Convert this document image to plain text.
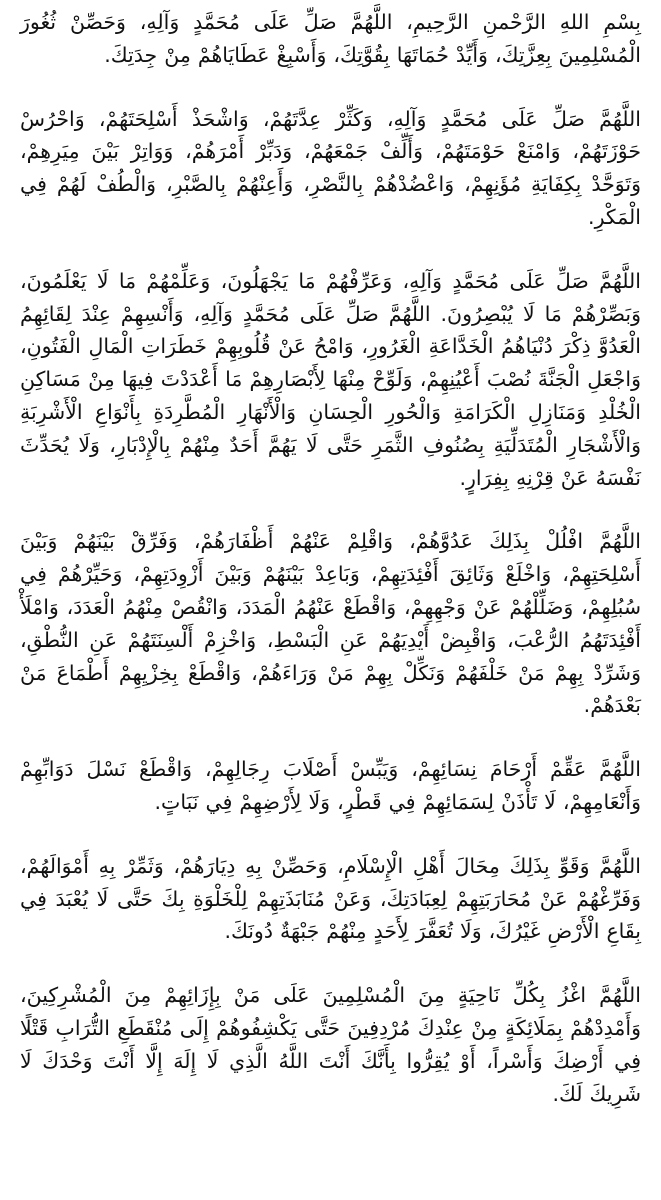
بِسْمِ اللهِ الرَّحْمنِ الرَّحِيمِ، اللَّهُمَّ صَلِّ عَلَى مُحَمَّدٍ وَآلِهِ، وَحَصِّنْ ثُغُورَ الْمُسْلِمِينَ بِعِزَّتِكَ، وَأَيِّدْ حُمَاتَهَا بِقُوَّتِكَ، وَأَسْبِغْ عَطَايَاهُمْ مِنْ جِدَتِكَ.

اللَّهُمَّ صَلِّ عَلَى مُحَمَّدٍ وَآلِهِ، وَكَثِّرْ عِدَّتَهُمْ، وَاشْحَذْ أَسْلِحَتَهُمْ، وَاحْرُسْ حَوْزَتَهُمْ، وَامْنَعْ حَوْمَتَهُمْ، وَأَلِّفْ جَمْعَهُمْ، وَدَبِّرْ أَمْرَهُمْ، وَوَاتِرْ بَيْنَ مِيَرِهِمْ، وَتَوَحَّدْ بِكِفَايَةِ مُؤَنِهِمْ، وَاعْضُدْهُمْ بِالنَّصْرِ، وَأَعِنْهُمْ بِالصَّبْرِ، وَالْطُفْ لَهُمْ فِي الْمَكْرِ.

اللَّهُمَّ صَلِّ عَلَى مُحَمَّدٍ وَآلِهِ، وَعَرِّفْهُمْ مَا يَجْهَلُونَ، وَعَلِّمْهُمْ مَا لَا يَعْلَمُونَ، وَبَصِّرْهُمْ مَا لَا يُبْصِرُونَ. اللَّهُمَّ صَلِّ عَلَى مُحَمَّدٍ وَآلِهِ، وَأَنْسِهِمْ عِنْدَ لِقَائِهِمُ الْعَدُوَّ ذِكْرَ دُنْيَاهُمُ الْخَدَّاعَةِ الْغَرُورِ، وَامْحُ عَنْ قُلُوبِهِمْ خَطَرَاتِ الْمَالِ الْفَتُونِ، وَاجْعَلِ الْجَنَّةَ نُصْبَ أَعْيُنِهِمْ، وَلَوِّحْ مِنْهَا لِأَبْصَارِهِمْ مَا أَعْدَدْتَ فِيهَا مِنْ مَسَاكِنِ الْخُلْدِ وَمَنَازِلِ الْكَرَامَةِ وَالْحُورِ الْحِسَانِ وَالْأَنْهَارِ الْمُطَّرِدَةِ بِأَنْوَاعِ الْأَشْرِبَةِ وَالْأَشْجَارِ الْمُتَدَلِّيَةِ بِصُنُوفِ الثَّمَرِ حَتَّى لَا يَهُمَّ أَحَدٌ مِنْهُمْ بِالْإِدْبَارِ، وَلَا يُحَدِّثَ نَفْسَهُ عَنْ قِرْنِهِ بِفِرَارٍ.

اللَّهُمَّ افْلُلْ بِذَلِكَ عَدُوَّهُمْ، وَاقْلِمْ عَنْهُمْ أَظْفَارَهُمْ، وَفَرِّقْ بَيْنَهُمْ وَبَيْنَ أَسْلِحَتِهِمْ، وَاخْلَعْ وَثَائِقَ أَفْئِدَتِهِمْ، وَبَاعِدْ بَيْنَهُمْ وَبَيْنَ أَزْوِدَتِهِمْ، وَحَيِّرْهُمْ فِي سُبُلِهِمْ، وَضَلِّلْهُمْ عَنْ وَجْهِهِمْ، وَاقْطَعْ عَنْهُمُ الْمَدَدَ، وَانْقُصْ مِنْهُمُ الْعَدَدَ، وَامْلَأْ أَفْئِدَتَهُمُ الرُّعْبَ، وَاقْبِضْ أَيْدِيَهُمْ عَنِ الْبَسْطِ، وَاخْزِمْ أَلْسِنَتَهُمْ عَنِ النُّطْقِ، وَشَرِّدْ بِهِمْ مَنْ خَلْفَهُمْ وَنَكِّلْ بِهِمْ مَنْ وَرَاءَهُمْ، وَاقْطَعْ بِخِزْيِهِمْ أَطْمَاعَ مَنْ بَعْدَهُمْ.

اللَّهُمَّ عَقِّمْ أَرْحَامَ نِسَائِهِمْ، وَيَبِّسْ أَصْلَابَ رِجَالِهِمْ، وَاقْطَعْ نَسْلَ دَوَابِّهِمْ وَأَنْعَامِهِمْ، لَا تَأْذَنْ لِسَمَائِهِمْ فِي قَطْرٍ، وَلَا لِأَرْضِهِمْ فِي نَبَاتٍ.

اللَّهُمَّ وَقَوِّ بِذَلِكَ مِحَالَ أَهْلِ الْإِسْلَامِ، وَحَصِّنْ بِهِ دِيَارَهُمْ، وَثَمِّرْ بِهِ أَمْوَالَهُمْ، وَفَرِّغْهُمْ عَنْ مُحَارَبَتِهِمْ لِعِبَادَتِكَ، وَعَنْ مُنَابَذَتِهِمْ لِلْخَلْوَةِ بِكَ حَتَّى لَا يُعْبَدَ فِي بِقَاعِ الْأَرْضِ غَيْرُكَ، وَلَا تُعَفَّرَ لِأَحَدٍ مِنْهُمْ جَبْهَةٌ دُونَكَ.

اللَّهُمَّ اغْزُ بِكُلِّ نَاحِيَةٍ مِنَ الْمُسْلِمِينَ عَلَى مَنْ بِإِزَائِهِمْ مِنَ الْمُشْرِكِينَ، وَأَمْدِدْهُمْ بِمَلَائِكَةٍ مِنْ عِنْدِكَ مُرْدِفِينَ حَتَّى يَكْشِفُوهُمْ إِلَى مُنْقَطَعِ التُّرَابِ قَتْلًا فِي أَرْضِكَ وَأَسْراً، أَوْ يُقِرُّوا بِأَنَّكَ أَنْتَ اللَّهُ الَّذِي لَا إِلَهَ إِلَّا أَنْتَ وَحْدَكَ لَا شَرِيكَ لَكَ.
